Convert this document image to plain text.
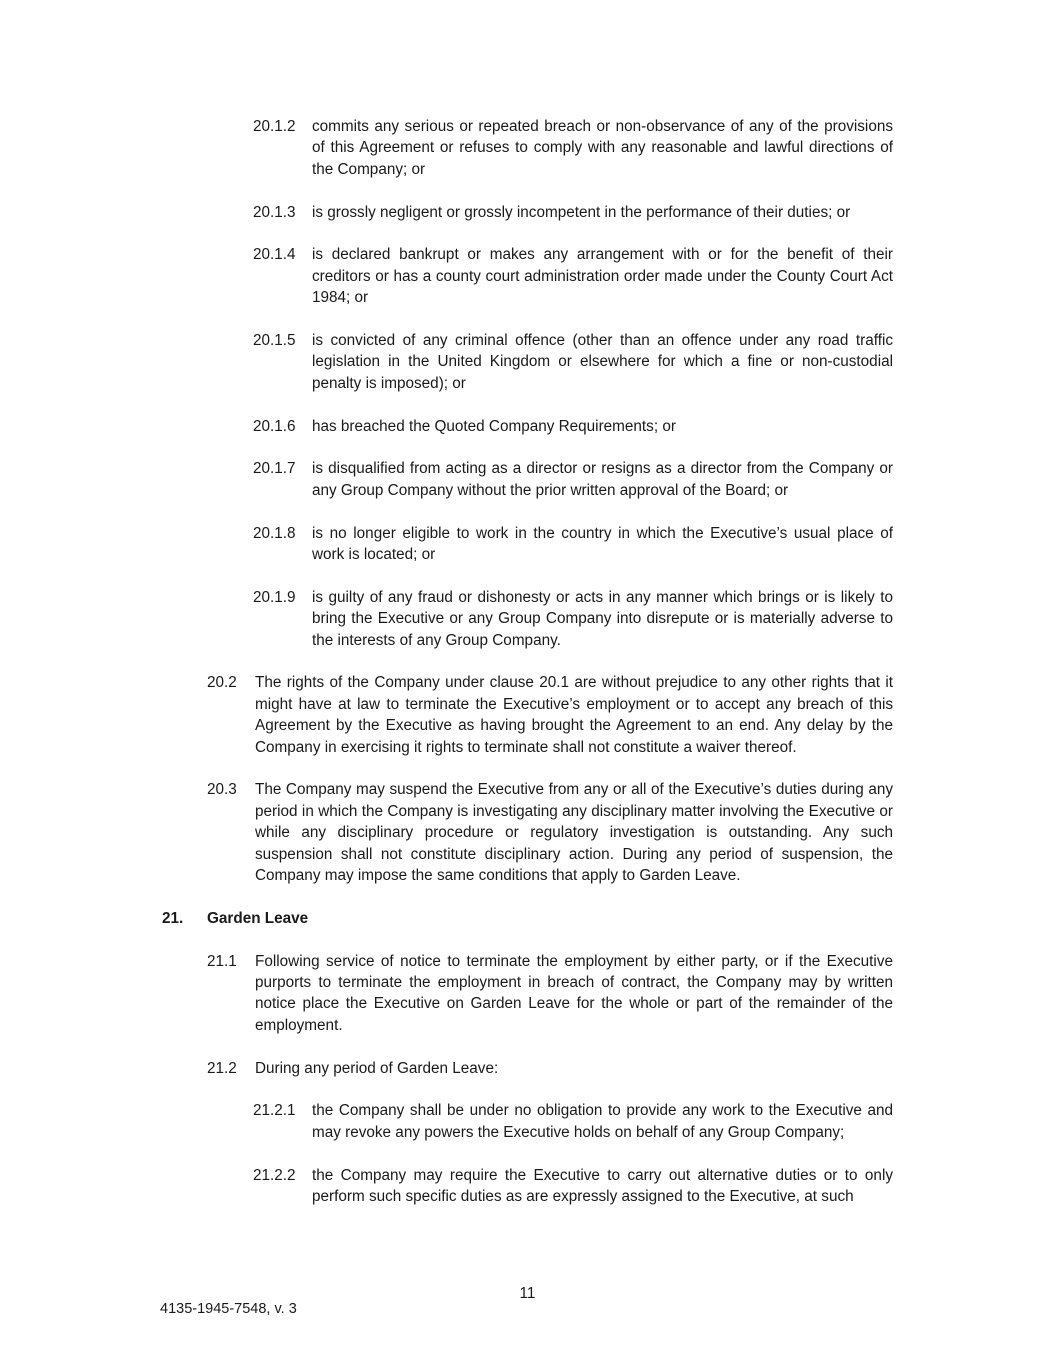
20.1.2	commits any serious or repeated breach or non-observance of any of the provisions of this Agreement or refuses to comply with any reasonable and lawful directions of the Company; or
20.1.3	is grossly negligent or grossly incompetent in the performance of their duties; or
20.1.4	is declared bankrupt or makes any arrangement with or for the benefit of their creditors or has a county court administration order made under the County Court Act 1984; or
20.1.5	is convicted of any criminal offence (other than an offence under any road traffic legislation in the United Kingdom or elsewhere for which a fine or non-custodial penalty is imposed); or
20.1.6	has breached the Quoted Company Requirements; or
20.1.7	is disqualified from acting as a director or resigns as a director from the Company or any Group Company without the prior written approval of the Board; or
20.1.8	is no longer eligible to work in the country in which the Executive’s usual place of work is located; or
20.1.9	is guilty of any fraud or dishonesty or acts in any manner which brings or is likely to bring the Executive or any Group Company into disrepute or is materially adverse to the interests of any Group Company.
20.2	The rights of the Company under clause 20.1 are without prejudice to any other rights that it might have at law to terminate the Executive’s employment or to accept any breach of this Agreement by the Executive as having brought the Agreement to an end. Any delay by the Company in exercising it rights to terminate shall not constitute a waiver thereof.
20.3	The Company may suspend the Executive from any or all of the Executive’s duties during any period in which the Company is investigating any disciplinary matter involving the Executive or while any disciplinary procedure or regulatory investigation is outstanding. Any such suspension shall not constitute disciplinary action. During any period of suspension, the Company may impose the same conditions that apply to Garden Leave.
21.	Garden Leave
21.1	Following service of notice to terminate the employment by either party, or if the Executive purports to terminate the employment in breach of contract, the Company may by written notice place the Executive on Garden Leave for the whole or part of the remainder of the employment.
21.2	During any period of Garden Leave:
21.2.1	the Company shall be under no obligation to provide any work to the Executive and may revoke any powers the Executive holds on behalf of any Group Company;
21.2.2	the Company may require the Executive to carry out alternative duties or to only perform such specific duties as are expressly assigned to the Executive, at such
11
4135-1945-7548, v. 3
